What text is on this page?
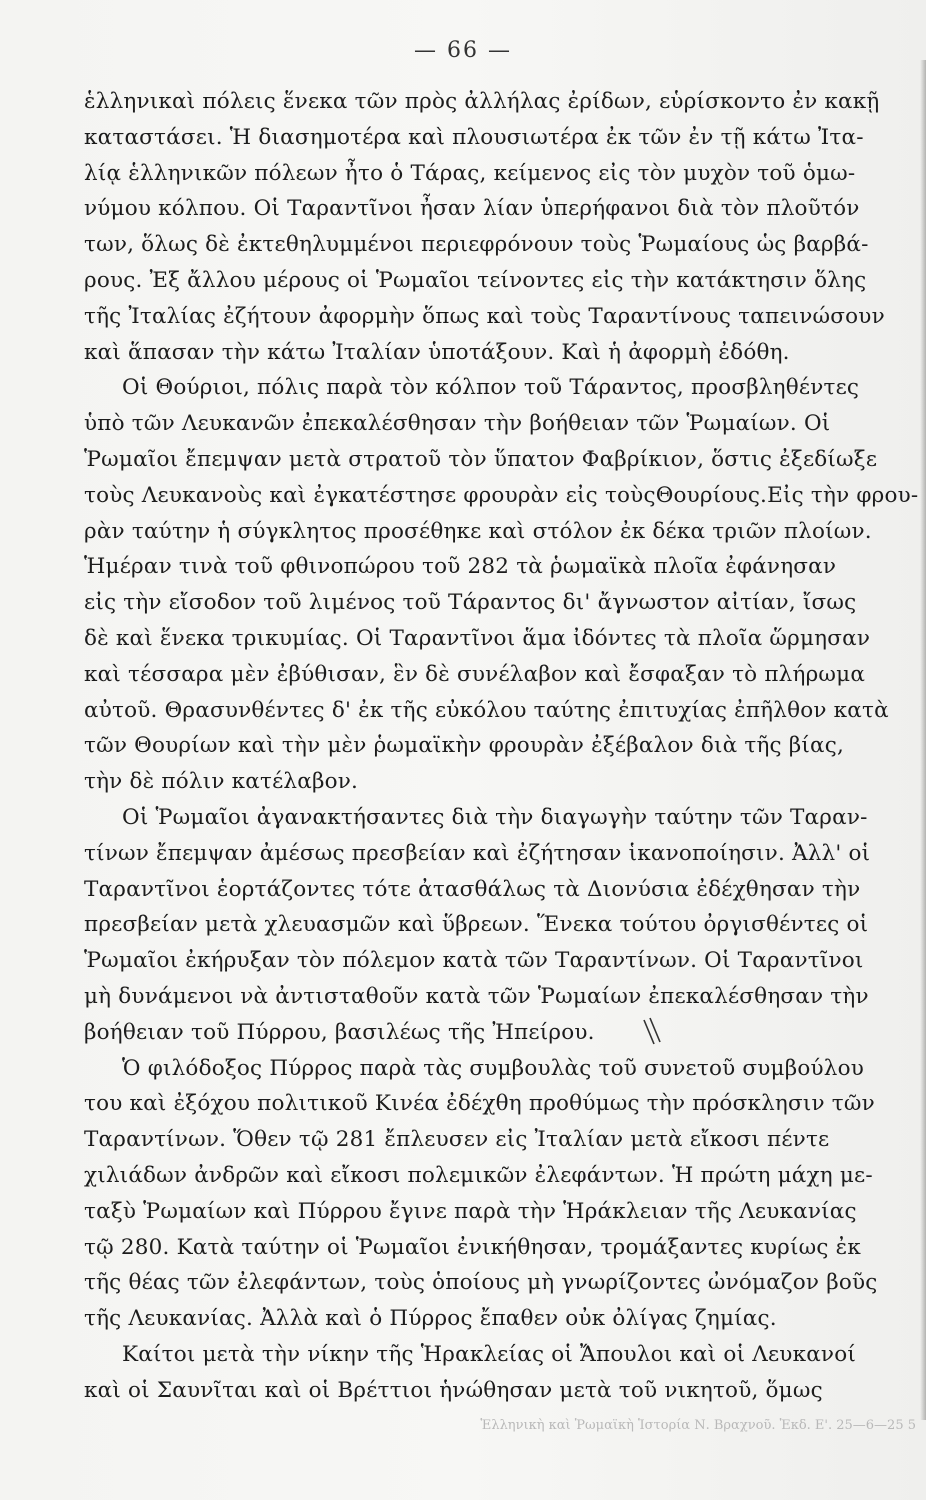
— 66 —
ἑλληνικαὶ πόλεις ἕνεκα τῶν πρὸς ἀλλήλας ἐρίδων, εὑρίσκοντο ἐν κακῇ
καταστάσει. Ἡ διασημοτέρα καὶ πλουσιωτέρα ἐκ τῶν ἐν τῇ κάτω Ἰτα-
λίᾳ ἑλληνικῶν πόλεων ἦτο ὁ Τάρας, κείμενος εἰς τὸν μυχὸν τοῦ ὁμω-
νύμου κόλπου. Οἱ Ταραντῖνοι ἦσαν λίαν ὑπερήφανοι διὰ τὸν πλοῦτόν
των, ὅλως δὲ ἐκτεθηλυμμένοι περιεφρόνουν τοὺς Ῥωμαίους ὡς βαρβά-
ρους. Ἐξ ἄλλου μέρους οἱ Ῥωμαῖοι τείνοντες εἰς τὴν κατάκτησιν ὅλης
τῆς Ἰταλίας ἐζήτουν ἀφορμὴν ὅπως καὶ τοὺς Ταραντίνους ταπεινώσουν
καὶ ἅπασαν τὴν κάτω Ἰταλίαν ὑποτάξουν. Καὶ ἡ ἀφορμὴ ἐδόθη.
Οἱ Θούριοι, πόλις παρὰ τὸν κόλπον τοῦ Τάραντος, προσβληθέντες
ὑπὸ τῶν Λευκανῶν ἐπεκαλέσθησαν τὴν βοήθειαν τῶν Ῥωμαίων. Οἱ
Ῥωμαῖοι ἔπεμψαν μετὰ στρατοῦ τὸν ὕπατον Φαβρίκιον, ὅστις ἐξεδίωξε
τοὺς Λευκανοὺς καὶ ἐγκατέστησε φρουρὰν εἰς τοὺςΘουρίους.Εἰς τὴν φρου-
ρὰν ταύτην ἡ σύγκλητος προσέθηκε καὶ στόλον ἐκ δέκα τριῶν πλοίων.
Ἡμέραν τινὰ τοῦ φθινοπώρου τοῦ 282 τὰ ῥωμαϊκὰ πλοῖα ἐφάνησαν
εἰς τὴν εἴσοδον τοῦ λιμένος τοῦ Τάραντος δι' ἄγνωστον αἰτίαν, ἴσως
δὲ καὶ ἕνεκα τρικυμίας. Οἱ Ταραντῖνοι ἅμα ἰδόντες τὰ πλοῖα ὥρμησαν
καὶ τέσσαρα μὲν ἐβύθισαν, ἓν δὲ συνέλαβον καὶ ἔσφαξαν τὸ πλήρωμα
αὐτοῦ. Θρασυνθέντες δ' ἐκ τῆς εὐκόλου ταύτης ἐπιτυχίας ἐπῆλθον κατὰ
τῶν Θουρίων καὶ τὴν μὲν ῥωμαϊκὴν φρουρὰν ἐξέβαλον διὰ τῆς βίας,
τὴν δὲ πόλιν κατέλαβον.
Οἱ Ῥωμαῖοι ἀγανακτήσαντες διὰ τὴν διαγωγὴν ταύτην τῶν Ταραν-
τίνων ἔπεμψαν ἀμέσως πρεσβείαν καὶ ἐζήτησαν ἱκανοποίησιν. Ἀλλ' οἱ
Ταραντῖνοι ἑορτάζοντες τότε ἀτασθάλως τὰ Διονύσια ἐδέχθησαν τὴν
πρεσβείαν μετὰ χλευασμῶν καὶ ὕβρεων. Ἕνεκα τούτου ὀργισθέντες οἱ
Ῥωμαῖοι ἐκήρυξαν τὸν πόλεμον κατὰ τῶν Ταραντίνων. Οἱ Ταραντῖνοι
μὴ δυνάμενοι νὰ ἀντισταθοῦν κατὰ τῶν Ῥωμαίων ἐπεκαλέσθησαν τὴν
βοήθειαν τοῦ Πύρρου, βασιλέως τῆς Ἠπείρου.
Ὁ φιλόδοξος Πύρρος παρὰ τὰς συμβουλὰς τοῦ συνετοῦ συμβούλου
του καὶ ἐξόχου πολιτικοῦ Κινέα ἐδέχθη προθύμως τὴν πρόσκλησιν τῶν
Ταραντίνων. Ὅθεν τῷ 281 ἔπλευσεν εἰς Ἰταλίαν μετὰ εἴκοσι πέντε
χιλιάδων ἀνδρῶν καὶ εἴκοσι πολεμικῶν ἐλεφάντων. Ἡ πρώτη μάχη με-
ταξὺ Ῥωμαίων καὶ Πύρρου ἔγινε παρὰ τὴν Ἡράκλειαν τῆς Λευκανίας
τῷ 280. Κατὰ ταύτην οἱ Ῥωμαῖοι ἐνικήθησαν, τρομάξαντες κυρίως ἐκ
τῆς θέας τῶν ἐλεφάντων, τοὺς ὁποίους μὴ γνωρίζοντες ὠνόμαζον βοῦς
τῆς Λευκανίας. Ἀλλὰ καὶ ὁ Πύρρος ἔπαθεν οὐκ ὀλίγας ζημίας.
Καίτοι μετὰ τὴν νίκην τῆς Ἡρακλείας οἱ Ἄπουλοι καὶ οἱ Λευκανοί
καὶ οἱ Σαυνῖται καὶ οἱ Βρέττιοι ἡνώθησαν μετὰ τοῦ νικητοῦ, ὅμως
Ἑλληνικὴ καὶ Ῥωμαϊκὴ Ἱστορία Ν. Βραχνοῦ. Ἐκδ. Ε'. 25—6—25 5
